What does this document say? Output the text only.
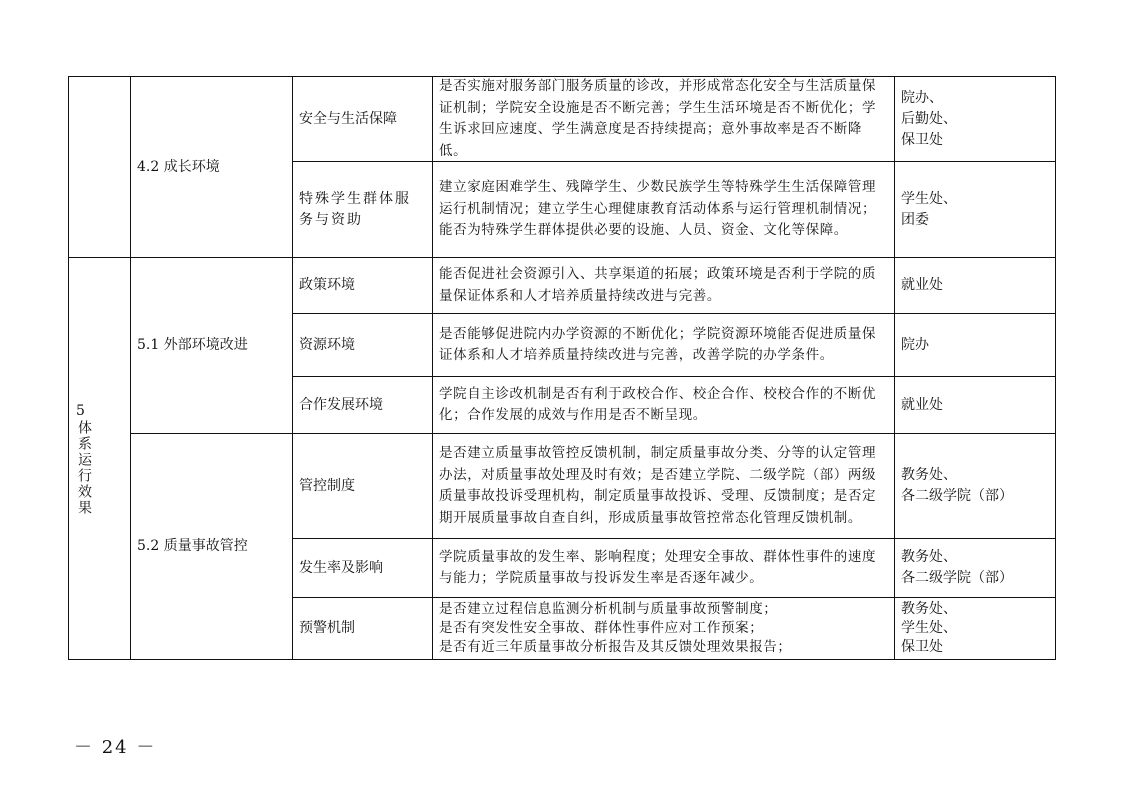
5
体系运行效果
4.2 成长环境
5.1 外部环境改进
5.2 质量事故管控
安全与生活保障
特殊学生群体服务与资助
政策环境
资源环境
合作发展环境
管控制度
发生率及影响
预警机制
是否实施对服务部门服务质量的诊改，并形成常态化安全与生活质量保证机制；学院安全设施是否不断完善；学生生活环境是否不断优化；学生诉求回应速度、学生满意度是否持续提高；意外事故率是否不断降低。
建立家庭困难学生、残障学生、少数民族学生等特殊学生生活保障管理运行机制情况；建立学生心理健康教育活动体系与运行管理机制情况；能否为特殊学生群体提供必要的设施、人员、资金、文化等保障。
能否促进社会资源引入、共享渠道的拓展；政策环境是否利于学院的质量保证体系和人才培养质量持续改进与完善。
是否能够促进院内办学资源的不断优化；学院资源环境能否促进质量保证体系和人才培养质量持续改进与完善，改善学院的办学条件。
学院自主诊改机制是否有利于政校合作、校企合作、校校合作的不断优化；合作发展的成效与作用是否不断呈现。
是否建立质量事故管控反馈机制，制定质量事故分类、分等的认定管理办法，对质量事故处理及时有效；是否建立学院、二级学院（部）两级质量事故投诉受理机构，制定质量事故投诉、受理、反馈制度；是否定期开展质量事故自查自纠，形成质量事故管控常态化管理反馈机制。
学院质量事故的发生率、影响程度；处理安全事故、群体性事件的速度与能力；学院质量事故与投诉发生率是否逐年减少。
是否建立过程信息监测分析机制与质量事故预警制度；
是否有突发性安全事故、群体性事件应对工作预案；
是否有近三年质量事故分析报告及其反馈处理效果报告；
院办、
后勤处、
保卫处
学生处、
团委
就业处
院办
就业处
教务处、
各二级学院（部）
教务处、
各二级学院（部）
教务处、
学生处、
保卫处
－ 24 －
